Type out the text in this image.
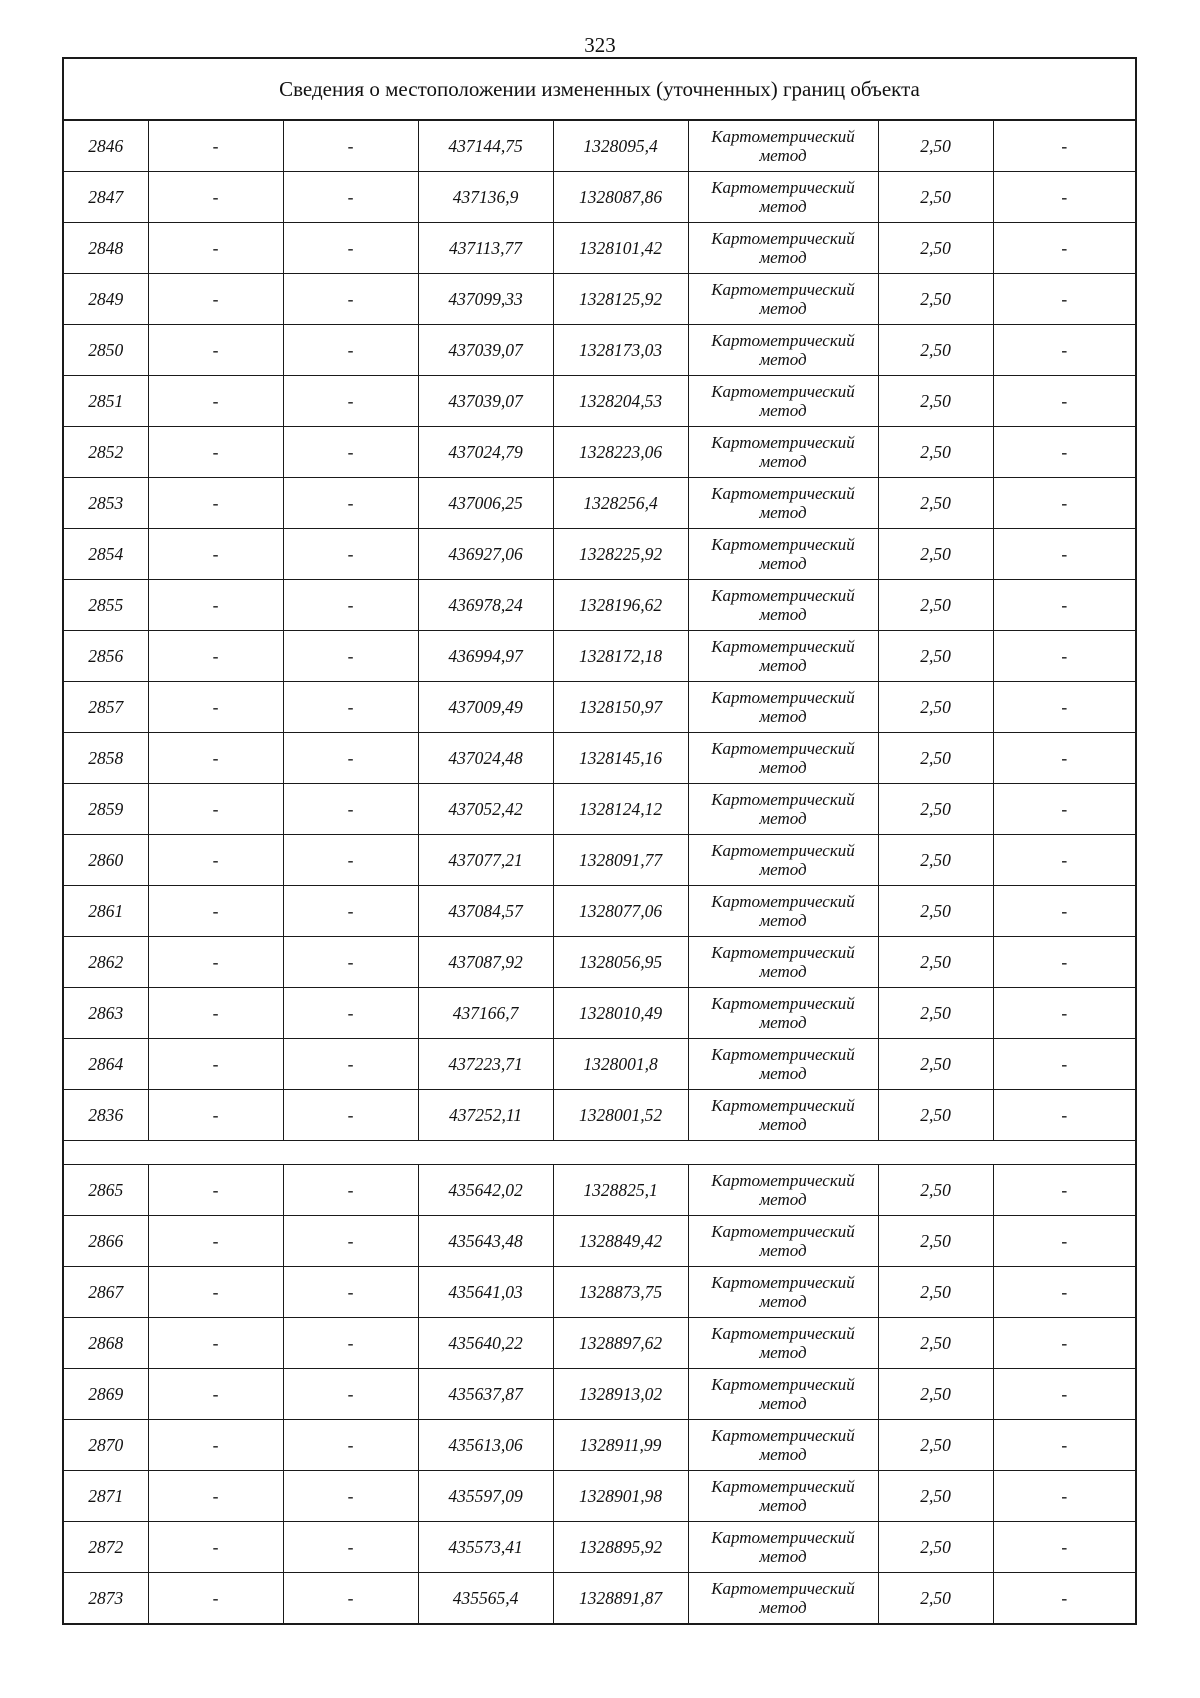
323
Сведения о местоположении измененных (уточненных) границ объекта							
2846	-	-	437144,75	1328095,4	Картометрический метод	2,50	-
2847	-	-	437136,9	1328087,86	Картометрический метод	2,50	-
2848	-	-	437113,77	1328101,42	Картометрический метод	2,50	-
2849	-	-	437099,33	1328125,92	Картометрический метод	2,50	-
2850	-	-	437039,07	1328173,03	Картометрический метод	2,50	-
2851	-	-	437039,07	1328204,53	Картометрический метод	2,50	-
2852	-	-	437024,79	1328223,06	Картометрический метод	2,50	-
2853	-	-	437006,25	1328256,4	Картометрический метод	2,50	-
2854	-	-	436927,06	1328225,92	Картометрический метод	2,50	-
2855	-	-	436978,24	1328196,62	Картометрический метод	2,50	-
2856	-	-	436994,97	1328172,18	Картометрический метод	2,50	-
2857	-	-	437009,49	1328150,97	Картометрический метод	2,50	-
2858	-	-	437024,48	1328145,16	Картометрический метод	2,50	-
2859	-	-	437052,42	1328124,12	Картометрический метод	2,50	-
2860	-	-	437077,21	1328091,77	Картометрический метод	2,50	-
2861	-	-	437084,57	1328077,06	Картометрический метод	2,50	-
2862	-	-	437087,92	1328056,95	Картометрический метод	2,50	-
2863	-	-	437166,7	1328010,49	Картометрический метод	2,50	-
2864	-	-	437223,71	1328001,8	Картометрический метод	2,50	-
2836	-	-	437252,11	1328001,52	Картометрический метод	2,50	-

2865	-	-	435642,02	1328825,1	Картометрический метод	2,50	-
2866	-	-	435643,48	1328849,42	Картометрический метод	2,50	-
2867	-	-	435641,03	1328873,75	Картометрический метод	2,50	-
2868	-	-	435640,22	1328897,62	Картометрический метод	2,50	-
2869	-	-	435637,87	1328913,02	Картометрический метод	2,50	-
2870	-	-	435613,06	1328911,99	Картометрический метод	2,50	-
2871	-	-	435597,09	1328901,98	Картометрический метод	2,50	-
2872	-	-	435573,41	1328895,92	Картометрический метод	2,50	-
2873	-	-	435565,4	1328891,87	Картометрический метод	2,50	-
